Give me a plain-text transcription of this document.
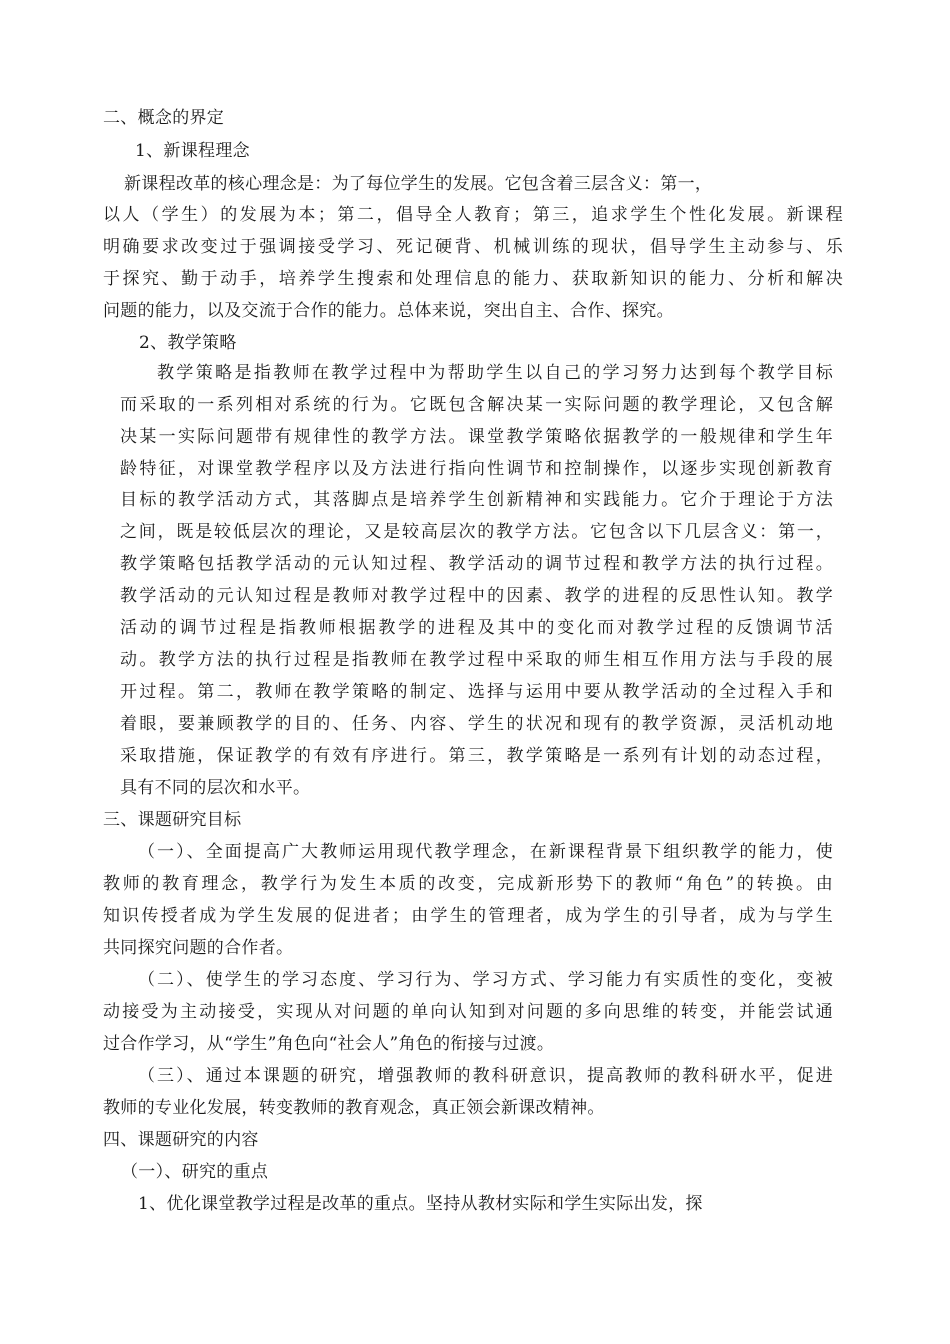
二、概念的界定
1、新课程理念
新课程改革的核心理念是：为了每位学生的发展。它包含着三层含义：第一，
以人（学生）的发展为本；第二，倡导全人教育；第三，追求学生个性化发展。新课程
明确要求改变过于强调接受学习、死记硬背、机械训练的现状，倡导学生主动参与、乐
于探究、勤于动手，培养学生搜索和处理信息的能力、获取新知识的能力、分析和解决
问题的能力，以及交流于合作的能力。总体来说，突出自主、合作、探究。
2、教学策略
教学策略是指教师在教学过程中为帮助学生以自己的学习努力达到每个教学目标
而采取的一系列相对系统的行为。它既包含解决某一实际问题的教学理论，又包含解
决某一实际问题带有规律性的教学方法。课堂教学策略依据教学的一般规律和学生年
龄特征，对课堂教学程序以及方法进行指向性调节和控制操作，以逐步实现创新教育
目标的教学活动方式，其落脚点是培养学生创新精神和实践能力。它介于理论于方法
之间，既是较低层次的理论，又是较高层次的教学方法。它包含以下几层含义：第一，
教学策略包括教学活动的元认知过程、教学活动的调节过程和教学方法的执行过程。
教学活动的元认知过程是教师对教学过程中的因素、教学的进程的反思性认知。教学
活动的调节过程是指教师根据教学的进程及其中的变化而对教学过程的反馈调节活
动。教学方法的执行过程是指教师在教学过程中采取的师生相互作用方法与手段的展
开过程。第二，教师在教学策略的制定、选择与运用中要从教学活动的全过程入手和
着眼，要兼顾教学的目的、任务、内容、学生的状况和现有的教学资源，灵活机动地
采取措施，保证教学的有效有序进行。第三，教学策略是一系列有计划的动态过程，
具有不同的层次和水平。
三、课题研究目标
（一）、全面提高广大教师运用现代教学理念，在新课程背景下组织教学的能力，使
教师的教育理念，教学行为发生本质的改变，完成新形势下的教师“角色”的转换。由
知识传授者成为学生发展的促进者；由学生的管理者，成为学生的引导者，成为与学生
共同探究问题的合作者。
（二）、使学生的学习态度、学习行为、学习方式、学习能力有实质性的变化，变被
动接受为主动接受，实现从对问题的单向认知到对问题的多向思维的转变，并能尝试通
过合作学习，从“学生”角色向“社会人”角色的衔接与过渡。
（三）、通过本课题的研究，增强教师的教科研意识，提高教师的教科研水平，促进
教师的专业化发展，转变教师的教育观念，真正领会新课改精神。
四、课题研究的内容
（一）、研究的重点
1、优化课堂教学过程是改革的重点。坚持从教材实际和学生实际出发，探
